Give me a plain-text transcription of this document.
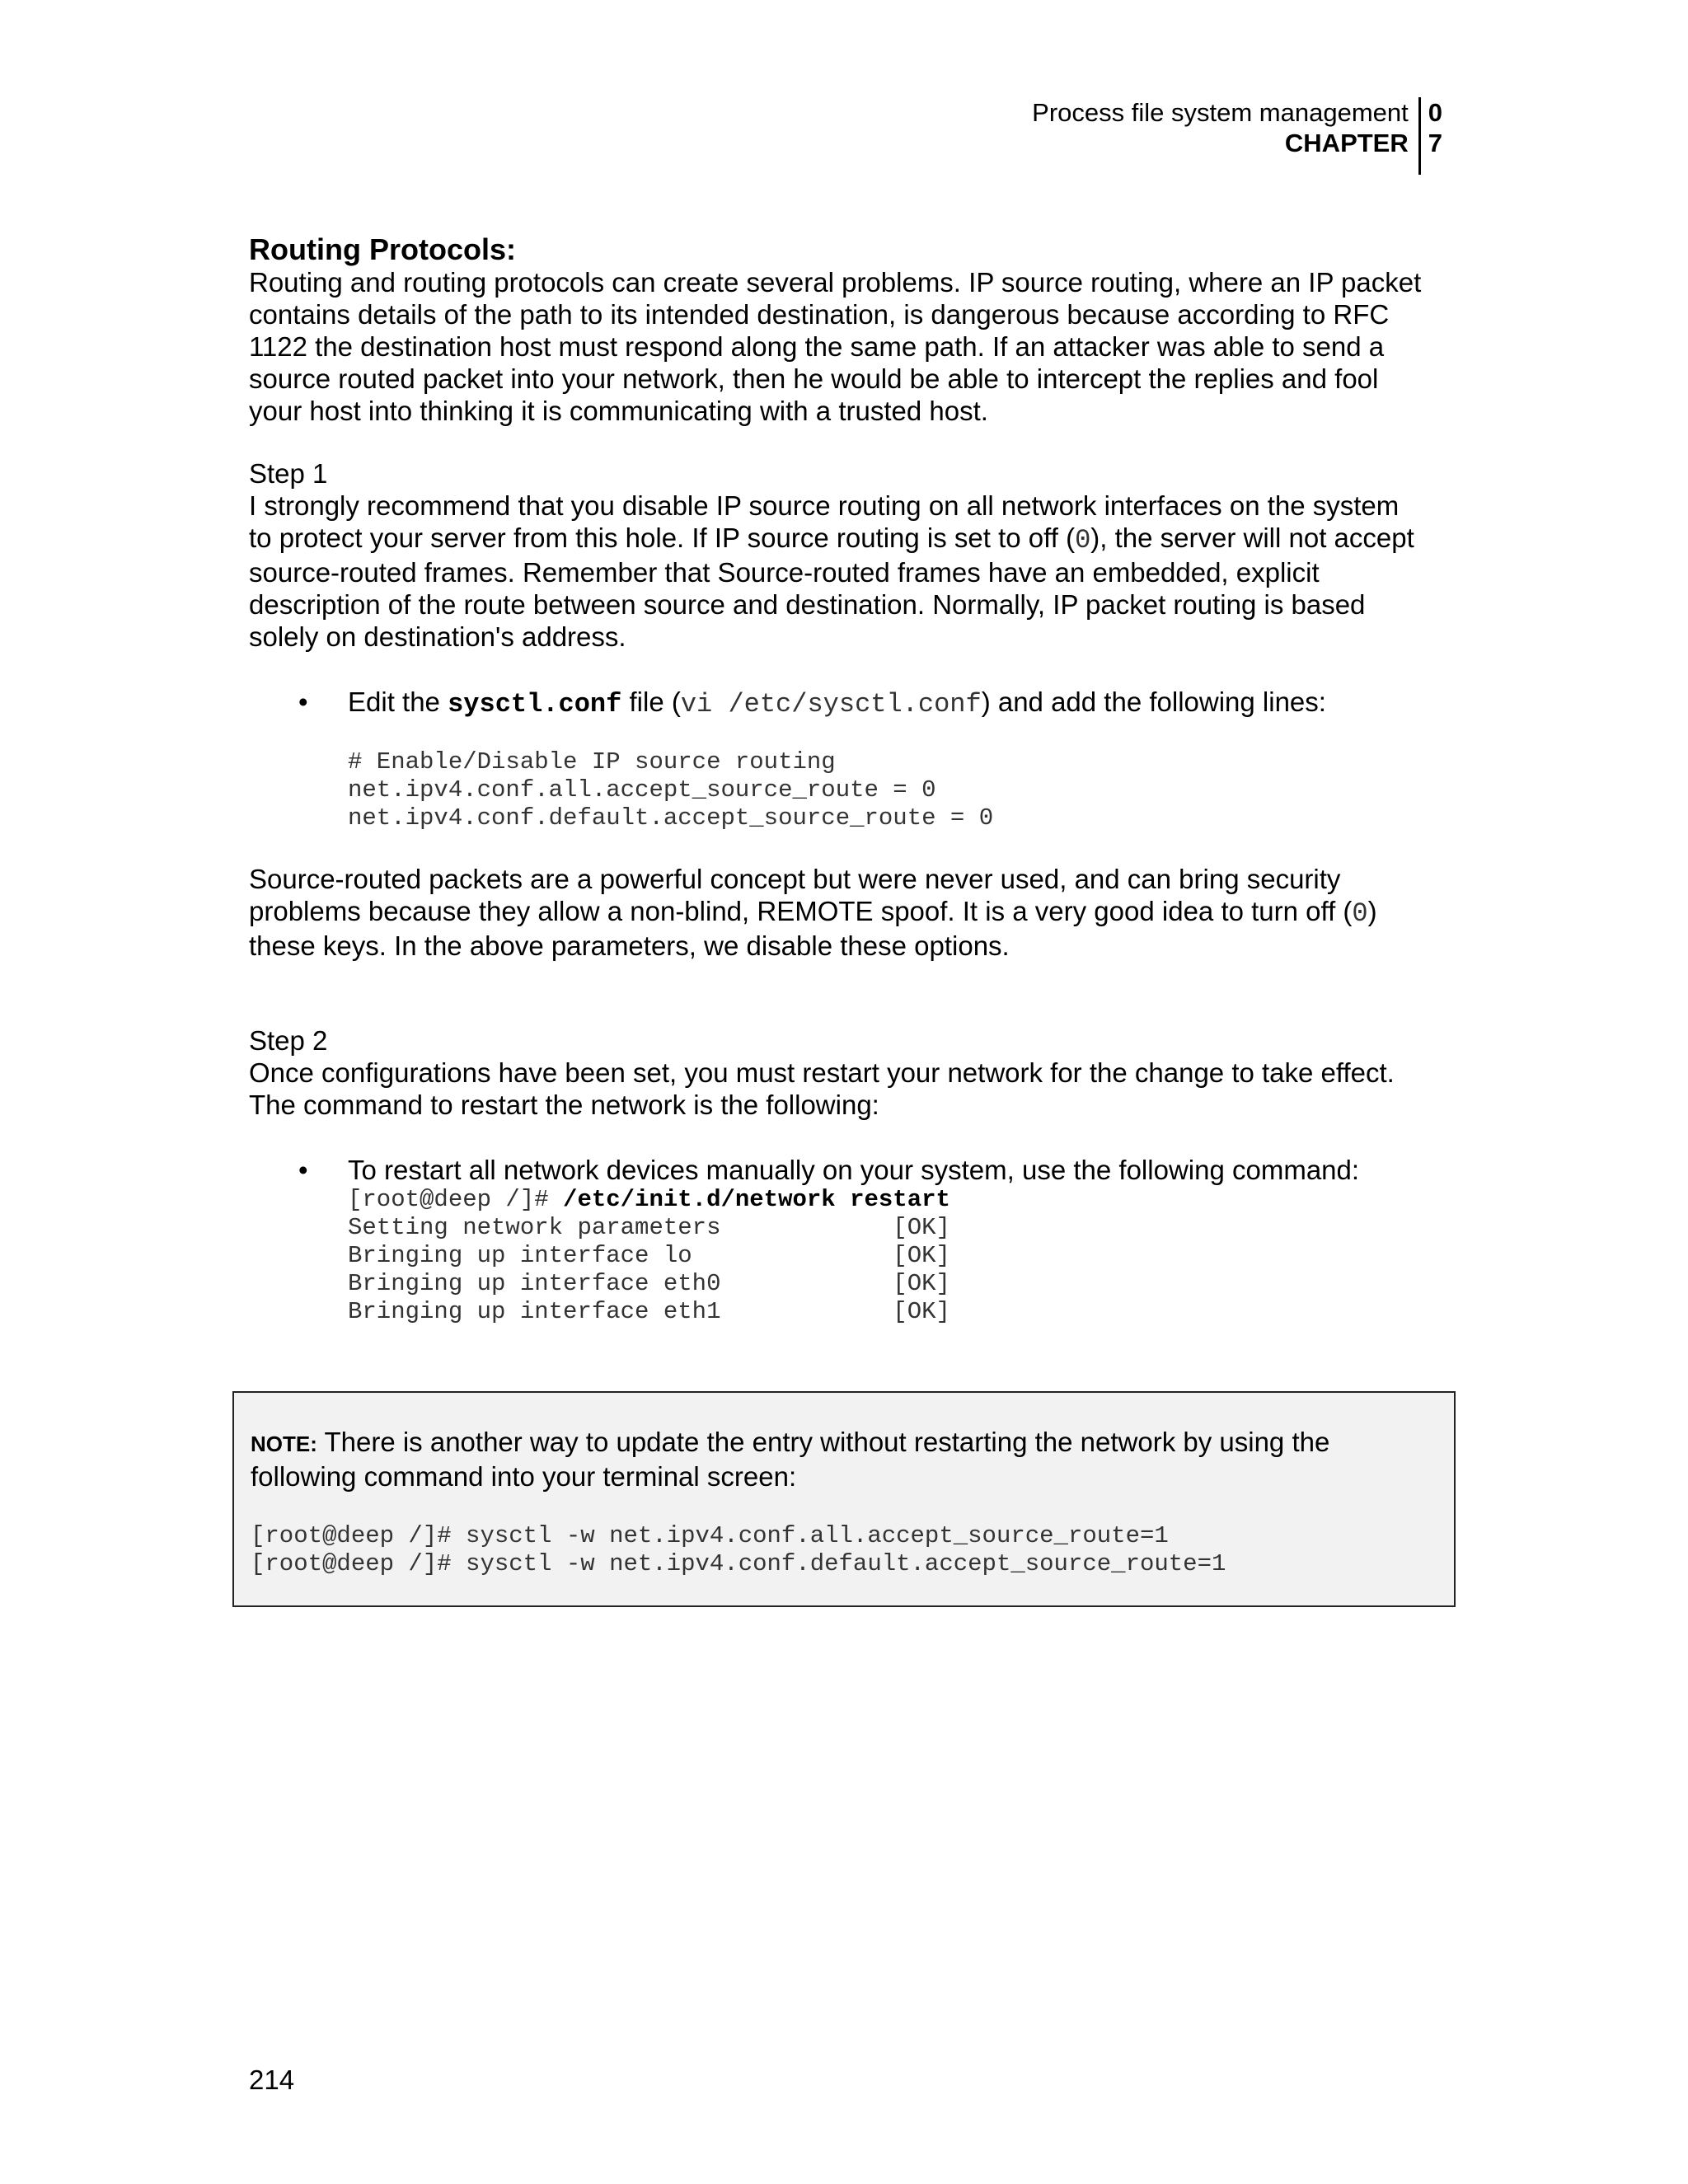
Process file system management
CHAPTER
0
7
Routing Protocols:
Routing and routing protocols can create several problems. IP source routing, where an IP packet
contains details of the path to its intended destination, is dangerous because according to RFC
1122 the destination host must respond along the same path. If an attacker was able to send a
source routed packet into your network, then he would be able to intercept the replies and fool
your host into thinking it is communicating with a trusted host.
Step 1
I strongly recommend that you disable IP source routing on all network interfaces on the system
to protect your server from this hole. If IP source routing is set to off (0), the server will not accept
source-routed frames. Remember that Source-routed frames have an embedded, explicit
description of the route between source and destination. Normally, IP packet routing is based
solely on destination's address.
• Edit the sysctl.conf file (vi /etc/sysctl.conf) and add the following lines:
# Enable/Disable IP source routing
net.ipv4.conf.all.accept_source_route = 0
net.ipv4.conf.default.accept_source_route = 0
Source-routed packets are a powerful concept but were never used, and can bring security
problems because they allow a non-blind, REMOTE spoof. It is a very good idea to turn off (0)
these keys. In the above parameters, we disable these options.
Step 2
Once configurations have been set, you must restart your network for the change to take effect.
The command to restart the network is the following:
• To restart all network devices manually on your system, use the following command:
[root@deep /]# /etc/init.d/network restart
Setting network parameters            [OK]
Bringing up interface lo              [OK]
Bringing up interface eth0            [OK]
Bringing up interface eth1            [OK]
NOTE: There is another way to update the entry without restarting the network by using the
following command into your terminal screen:
[root@deep /]# sysctl -w net.ipv4.conf.all.accept_source_route=1
[root@deep /]# sysctl -w net.ipv4.conf.default.accept_source_route=1
214
